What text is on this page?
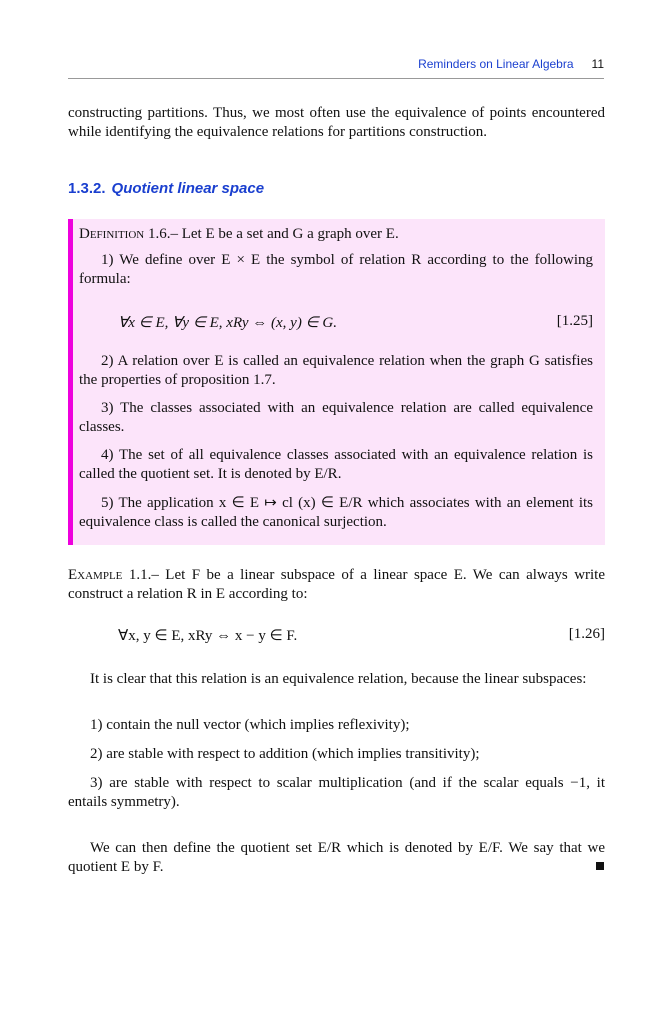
Reminders on Linear Algebra 11
constructing partitions. Thus, we most often use the equivalence of points encountered while identifying the equivalence relations for partitions construction.
1.3.2. Quotient linear space
Definition 1.6.– Let E be a set and G a graph over E.
1) We define over E × E the symbol of relation R according to the following formula:
∀x ∈ E, ∀y ∈ E, xRy ⇔ (x, y) ∈ G.	[1.25]
2) A relation over E is called an equivalence relation when the graph G satisfies the properties of proposition 1.7.
3) The classes associated with an equivalence relation are called equivalence classes.
4) The set of all equivalence classes associated with an equivalence relation is called the quotient set. It is denoted by E/R.
5) The application x ∈ E ↦ cl (x) ∈ E/R which associates with an element its equivalence class is called the canonical surjection.
Example 1.1.– Let F be a linear subspace of a linear space E. We can always write construct a relation R in E according to:
∀x, y ∈ E, xRy ⇔ x − y ∈ F.	[1.26]
It is clear that this relation is an equivalence relation, because the linear subspaces:
1) contain the null vector (which implies reflexivity);
2) are stable with respect to addition (which implies transitivity);
3) are stable with respect to scalar multiplication (and if the scalar equals −1, it entails symmetry).
We can then define the quotient set E/R which is denoted by E/F. We say that we quotient E by F.
